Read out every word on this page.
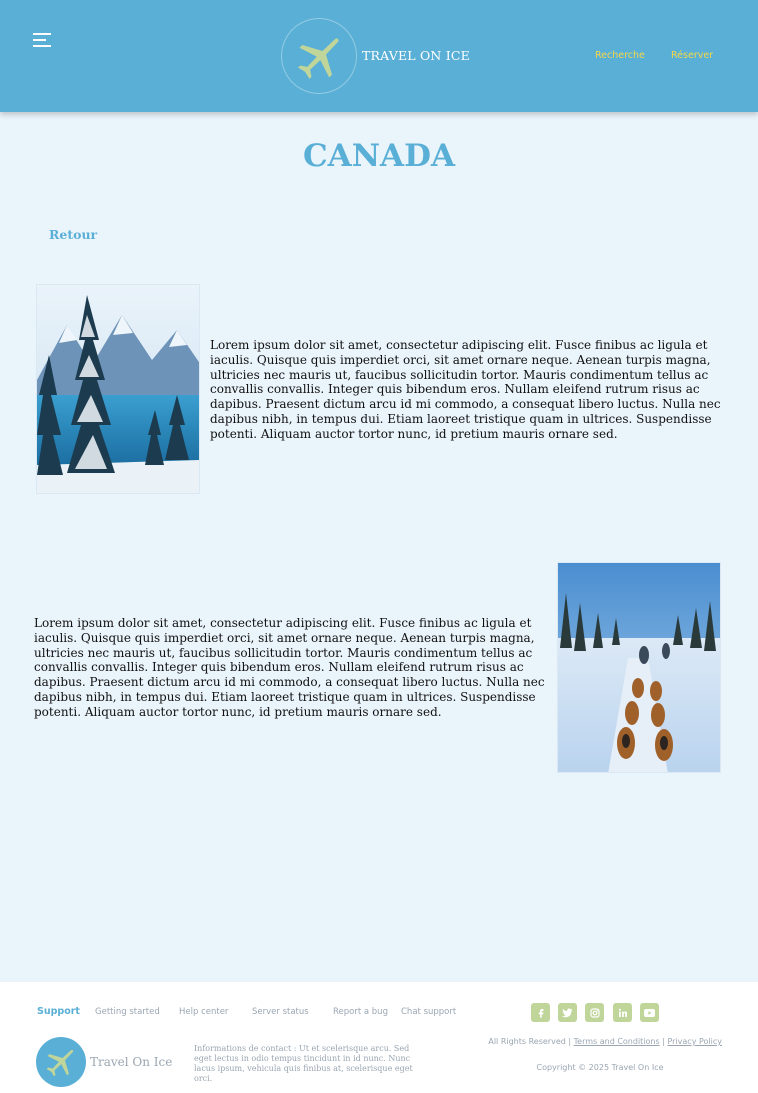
TRAVEL ON ICE	Recherche	Réserver
CANADA
Retour

Lorem ipsum dolor sit amet, consectetur adipiscing elit. Fusce finibus ac ligula et iaculis. Quisque quis imperdiet orci, sit amet ornare neque. Aenean turpis magna, ultricies nec mauris ut, faucibus sollicitudin tortor. Mauris condimentum tellus ac convallis convallis. Integer quis bibendum eros. Nullam eleifend rutrum risus ac dapibus. Praesent dictum arcu id mi commodo, a consequat libero luctus. Nulla nec dapibus nibh, in tempus dui. Etiam laoreet tristique quam in ultrices. Suspendisse potenti. Aliquam auctor tortor nunc, id pretium mauris ornare sed.

Lorem ipsum dolor sit amet, consectetur adipiscing elit. Fusce finibus ac ligula et iaculis. Quisque quis imperdiet orci, sit amet ornare neque. Aenean turpis magna, ultricies nec mauris ut, faucibus sollicitudin tortor. Mauris condimentum tellus ac convallis convallis. Integer quis bibendum eros. Nullam eleifend rutrum risus ac dapibus. Praesent dictum arcu id mi commodo, a consequat libero luctus. Nulla nec dapibus nibh, in tempus dui. Etiam laoreet tristique quam in ultrices. Suspendisse potenti. Aliquam auctor tortor nunc, id pretium mauris ornare sed.

Support Getting started Help center	Server status	Report a bug Chat support
Travel On Ice

Informations de contact : Ut et scelerisque arcu. Sed eget lectus in odio tempus tincidunt in id nunc. Nunc lacus ipsum, vehicula quis finibus at, scelerisque eget orci.

All Rights Reserved | Terms and Conditions | Privacy Policy
Copyright © 2025 Travel On Ice
